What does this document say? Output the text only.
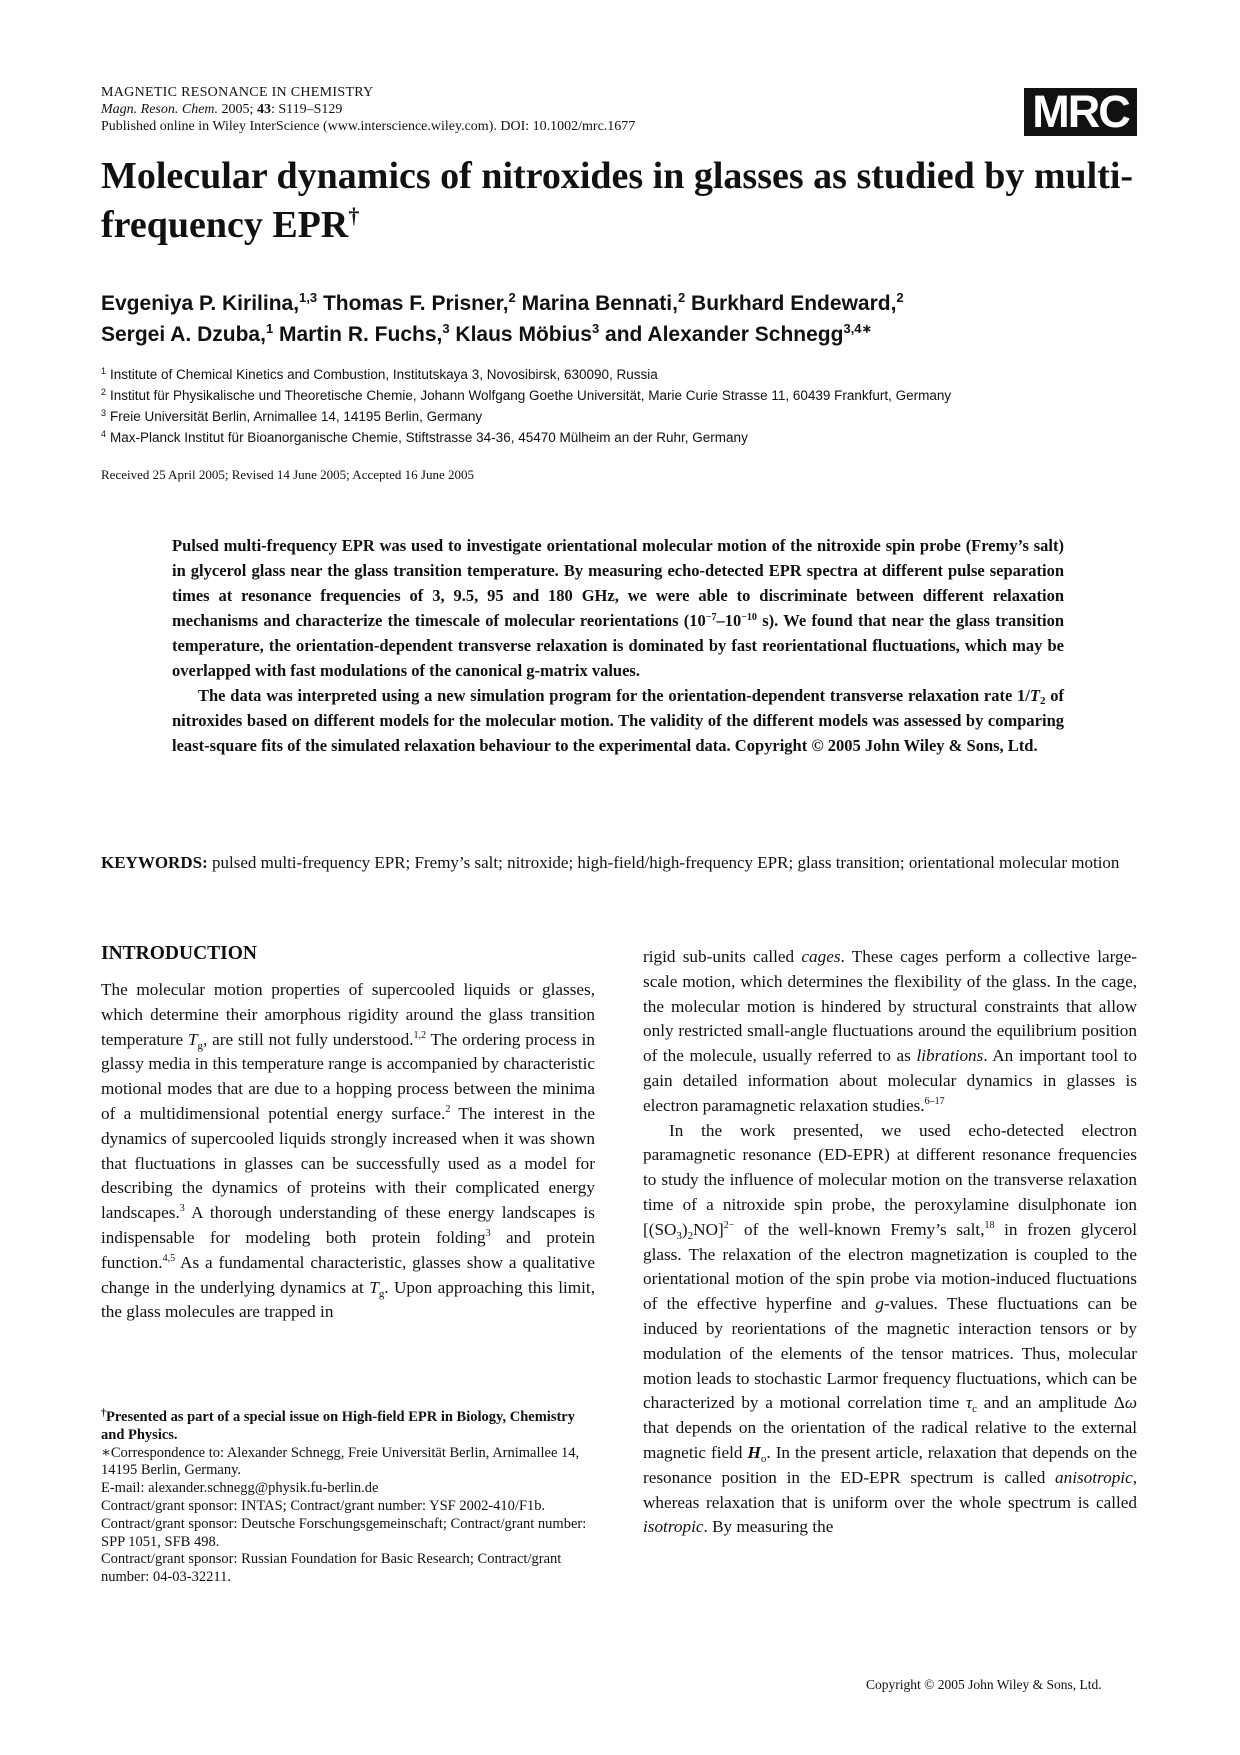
MAGNETIC RESONANCE IN CHEMISTRY
Magn. Reson. Chem. 2005; 43: S119–S129
Published online in Wiley InterScience (www.interscience.wiley.com). DOI: 10.1002/mrc.1677	MRC
Molecular dynamics of nitroxides in glasses as studied by multi-frequency EPR†
Evgeniya P. Kirilina,$^{1,3}$ Thomas F. Prisner,$^2$ Marina Bennati,$^2$ Burkhard Endeward,$^2$
Sergei A. Dzuba,$^1$ Martin R. Fuchs,$^3$ Klaus Möbius$^3$ and Alexander Schnegg$^{3,4∗}$
$^1$ Institute of Chemical Kinetics and Combustion, Institutskaya 3, Novosibirsk, 630090, Russia
$^2$ Institut für Physikalische und Theoretische Chemie, Johann Wolfgang Goethe Universität, Marie Curie Strasse 11, 60439 Frankfurt, Germany
$^3$ Freie Universität Berlin, Arnimallee 14, 14195 Berlin, Germany
$^4$ Max-Planck Institut für Bioanorganische Chemie, Stiftstrasse 34-36, 45470 Mülheim an der Ruhr, Germany
Received 25 April 2005; Revised 14 June 2005; Accepted 16 June 2005

Pulsed multi-frequency EPR was used to investigate orientational molecular motion of the nitroxide spin probe (Fremy’s salt) in glycerol glass near the glass transition temperature. By measuring echo-detected EPR spectra at different pulse separation times at resonance frequencies of 3, 9.5, 95 and 180 GHz, we were able to discriminate between different relaxation mechanisms and characterize the timescale of molecular reorientations ($10^{-7}-10^{-10}$ s). We found that near the glass transition temperature, the orientation-dependent transverse relaxation is dominated by fast reorientational fluctuations, which may be overlapped with fast modulations of the canonical g-matrix values.

The data was interpreted using a new simulation program for the orientation-dependent transverse relaxation rate $1/T_2$ of nitroxides based on different models for the molecular motion. The validity of the different models was assessed by comparing least-square fits of the simulated relaxation behaviour to the experimental data. Copyright © 2005 John Wiley & Sons, Ltd.

KEYWORDS: pulsed multi-frequency EPR; Fremy’s salt; nitroxide; high-field/high-frequency EPR; glass transition; orientational molecular motion
INTRODUCTION

The molecular motion properties of supercooled liquids or glasses, which determine their amorphous rigidity around the glass transition temperature $T_g$, are still not fully understood.$^{1,2}$ The ordering process in glassy media in this temperature range is accompanied by characteristic motional modes that are due to a hopping process between the minima of a multidimensional potential energy surface.$^2$ The interest in the dynamics of supercooled liquids strongly increased when it was shown that fluctuations in glasses can be successfully used as a model for describing the dynamics of proteins with their complicated energy landscapes.$^3$ A thorough understanding of these energy landscapes is indispensable for modeling both protein folding$^3$ and protein function.$^{4,5}$ As a fundamental characteristic, glasses show a qualitative change in the underlying dynamics at $T_g$. Upon approaching this limit, the glass molecules are trapped in

†Presented as part of a special issue on High-field EPR in Biology, Chemistry and Physics.
∗Correspondence to: Alexander Schnegg, Freie Universität Berlin, Arnimallee 14, 14195 Berlin, Germany.
E-mail: alexander.schnegg@physik.fu-berlin.de
Contract/grant sponsor: INTAS; Contract/grant number: YSF 2002-410/F1b.
Contract/grant sponsor: Deutsche Forschungsgemeinschaft; Contract/grant number: SPP 1051, SFB 498.
Contract/grant sponsor: Russian Foundation for Basic Research; Contract/grant number: 04-03-32211.

rigid sub-units called cages. These cages perform a collective large-scale motion, which determines the flexibility of the glass. In the cage, the molecular motion is hindered by structural constraints that allow only restricted small-angle fluctuations around the equilibrium position of the molecule, usually referred to as librations. An important tool to gain detailed information about molecular dynamics in glasses is electron paramagnetic relaxation studies.$^{6-17}$

In the work presented, we used echo-detected electron paramagnetic resonance (ED-EPR) at different resonance frequencies to study the influence of molecular motion on the transverse relaxation time of a nitroxide spin probe, the peroxylamine disulphonate ion $[(SO_3)_2NO]^{2-}$ of the well-known Fremy’s salt,$^{18}$ in frozen glycerol glass. The relaxation of the electron magnetization is coupled to the orientational motion of the spin probe via motion-induced fluctuations of the effective hyperfine and g-values. These fluctuations can be induced by reorientations of the magnetic interaction tensors or by modulation of the elements of the tensor matrices. Thus, molecular motion leads to stochastic Larmor frequency fluctuations, which can be characterized by a motional correlation time $\tau_c$ and an amplitude Δω that depends on the orientation of the radical relative to the external magnetic field $H_o$. In the present article, relaxation that depends on the resonance position in the ED-EPR spectrum is called anisotropic, whereas relaxation that is uniform over the whole spectrum is called isotropic. By measuring the

Copyright © 2005 John Wiley & Sons, Ltd.
